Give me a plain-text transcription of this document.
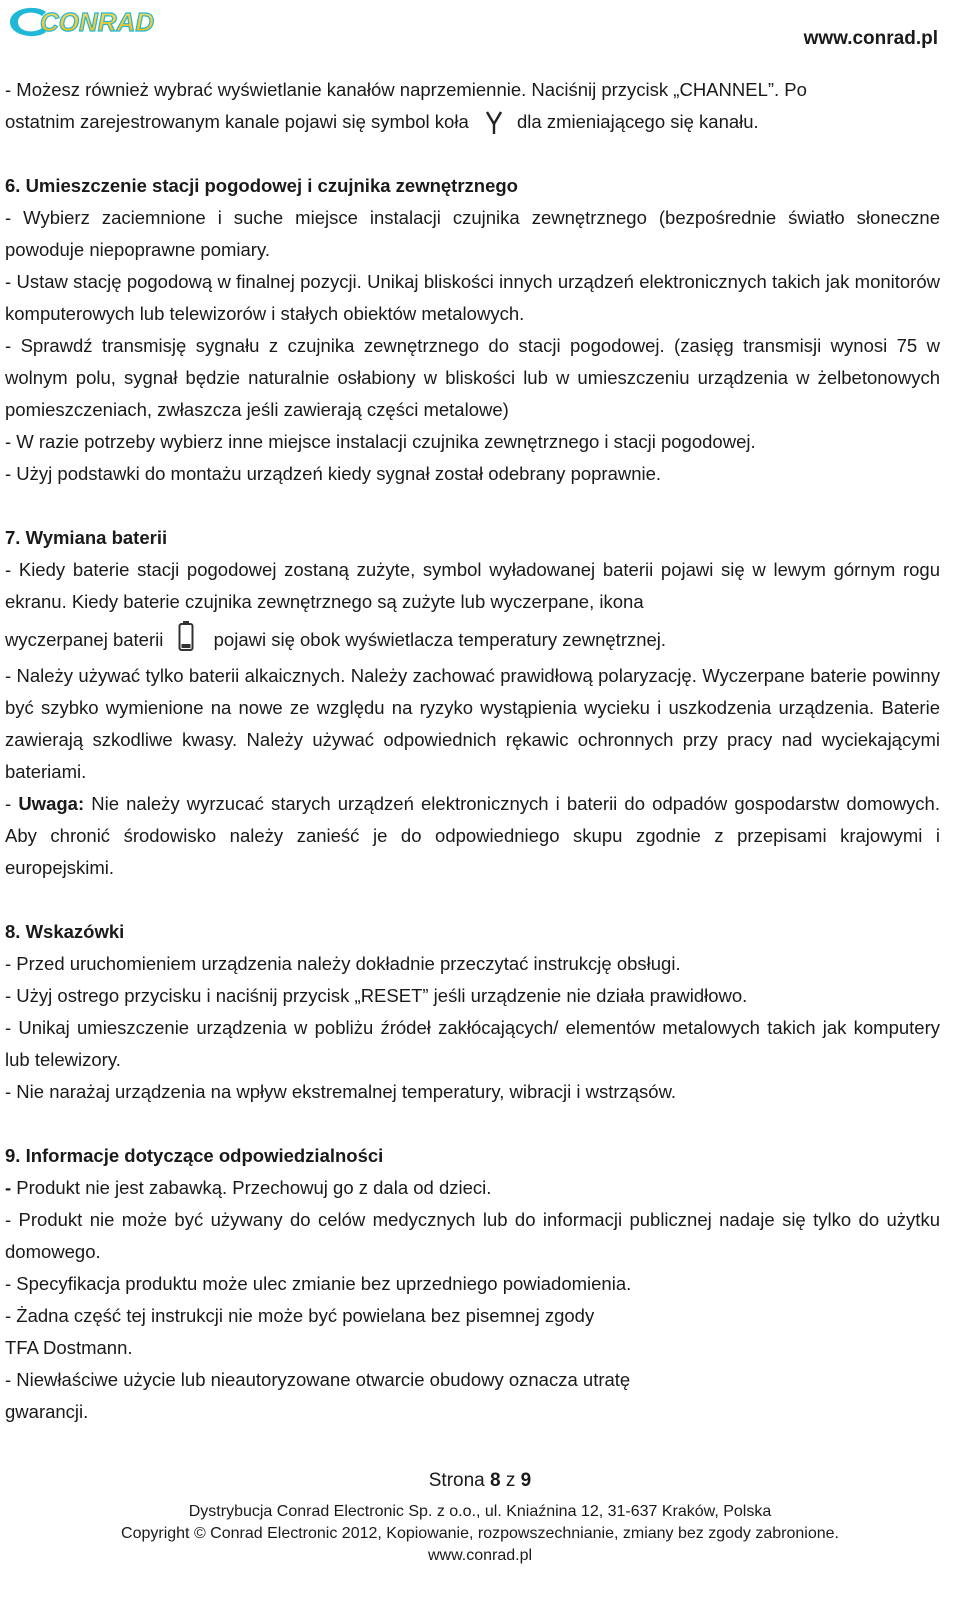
CONRAD
www.conrad.pl
- Możesz również wybrać wyświetlanie kanałów naprzemiennie. Naciśnij przycisk „CHANNEL”. Po
ostatnim zarejestrowanym kanale pojawi się symbol koła	dla zmieniającego się kanału.
6. Umieszczenie stacji pogodowej i czujnika zewnętrznego
- Wybierz zaciemnione i suche miejsce instalacji czujnika zewnętrznego (bezpośrednie światło słoneczne powoduje niepoprawne pomiary.
- Ustaw stację pogodową w finalnej pozycji. Unikaj bliskości innych urządzeń elektronicznych takich jak monitorów komputerowych lub telewizorów i stałych obiektów metalowych.
- Sprawdź transmisję sygnału z czujnika zewnętrznego do stacji pogodowej. (zasięg transmisji wynosi 75 w wolnym polu, sygnał będzie naturalnie osłabiony w bliskości lub w umieszczeniu urządzenia w żelbetonowych pomieszczeniach, zwłaszcza jeśli zawierają części metalowe)
- W razie potrzeby wybierz inne miejsce instalacji czujnika zewnętrznego i stacji pogodowej.
- Użyj podstawki do montażu urządzeń kiedy sygnał został odebrany poprawnie.
7. Wymiana baterii
- Kiedy baterie stacji pogodowej zostaną zużyte, symbol wyładowanej baterii pojawi się w lewym górnym rogu ekranu. Kiedy baterie czujnika zewnętrznego są zużyte lub wyczerpane, ikona
wyczerpanej baterii	pojawi się obok wyświetlacza temperatury zewnętrznej.
- Należy używać tylko baterii alkaicznych. Należy zachować prawidłową polaryzację. Wyczerpane baterie powinny być szybko wymienione na nowe ze względu na ryzyko wystąpienia wycieku i uszkodzenia urządzenia. Baterie zawierają szkodliwe kwasy. Należy używać odpowiednich rękawic ochronnych przy pracy nad wyciekającymi bateriami.
- Uwaga: Nie należy wyrzucać starych urządzeń elektronicznych i baterii do odpadów gospodarstw domowych. Aby chronić środowisko należy zanieść je do odpowiedniego skupu zgodnie z przepisami krajowymi i europejskimi.
8. Wskazówki
- Przed uruchomieniem urządzenia należy dokładnie przeczytać instrukcję obsługi.
- Użyj ostrego przycisku i naciśnij przycisk „RESET” jeśli urządzenie nie działa prawidłowo.
- Unikaj umieszczenie urządzenia w pobliżu źródeł zakłócających/ elementów metalowych takich jak komputery lub telewizory.
- Nie narażaj urządzenia na wpływ ekstremalnej temperatury, wibracji i wstrząsów.
9. Informacje dotyczące odpowiedzialności
- Produkt nie jest zabawką. Przechowuj go z dala od dzieci.
- Produkt nie może być używany do celów medycznych lub do informacji publicznej nadaje się tylko do użytku domowego.
- Specyfikacja produktu może ulec zmianie bez uprzedniego powiadomienia.
- Żadna część tej instrukcji nie może być powielana bez pisemnej zgody
TFA Dostmann.
- Niewłaściwe użycie lub nieautoryzowane otwarcie obudowy oznacza utratę
gwarancji.
Strona 8 z 9
Dystrybucja Conrad Electronic Sp. z o.o., ul. Kniaźnina 12, 31-637 Kraków, Polska
Copyright © Conrad Electronic 2012, Kopiowanie, rozpowszechnianie, zmiany bez zgody zabronione.
www.conrad.pl
